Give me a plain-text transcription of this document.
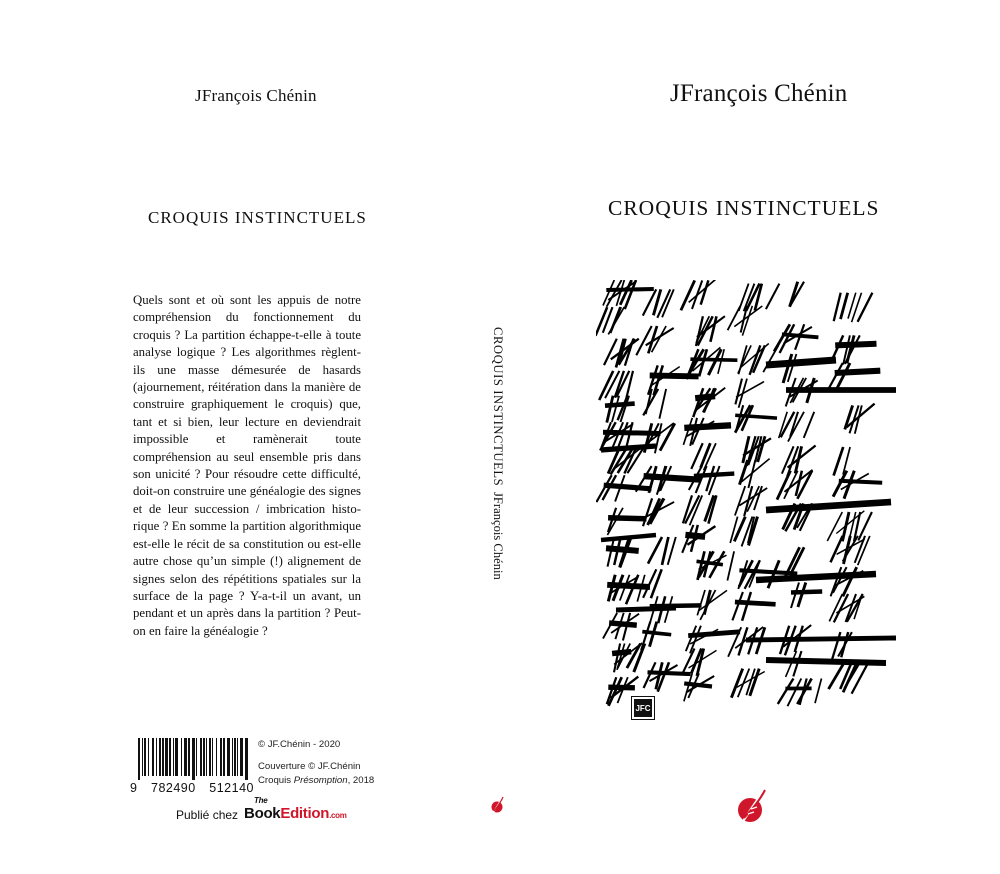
JFrançois Chénin
CROQUIS INSTINCTUELS
Quels sont et où sont les appuis de notre compréhension du fonctionnement du croquis ? La partition échappe-t-elle à toute analyse logique ? Les algorithmes règlent-ils une masse démesurée de hasards (ajournement, réitération dans la manière de construire graphiquement le croquis) que, tant et si bien, leur lecture en deviendrait impossible et ramènerait toute compréhension au seul ensemble pris dans son unicité ? Pour résoudre cette difficulté, doit-on construire une généalogie des signes et de leur succession / imbrication historique ? En somme la partition algorithmique est-elle le récit de sa constitution ou est-elle autre chose qu’un simple (!) alignement de signes selon des répétitions spatiales sur la surface de la page ? Y-a-t-il un avant, un pendant et un après dans la partition ? Peut-on en faire la généalogie ?
9 782490 512140
© JF.Chénin - 2020
Couverture © JF.Chénin
Croquis Présomption, 2018
Publié chez
The
BookEdition.com
CROQUIS INSTINCTUELS
JFrançois Chénin
JFrançois Chénin
CROQUIS INSTINCTUELS
JFC
